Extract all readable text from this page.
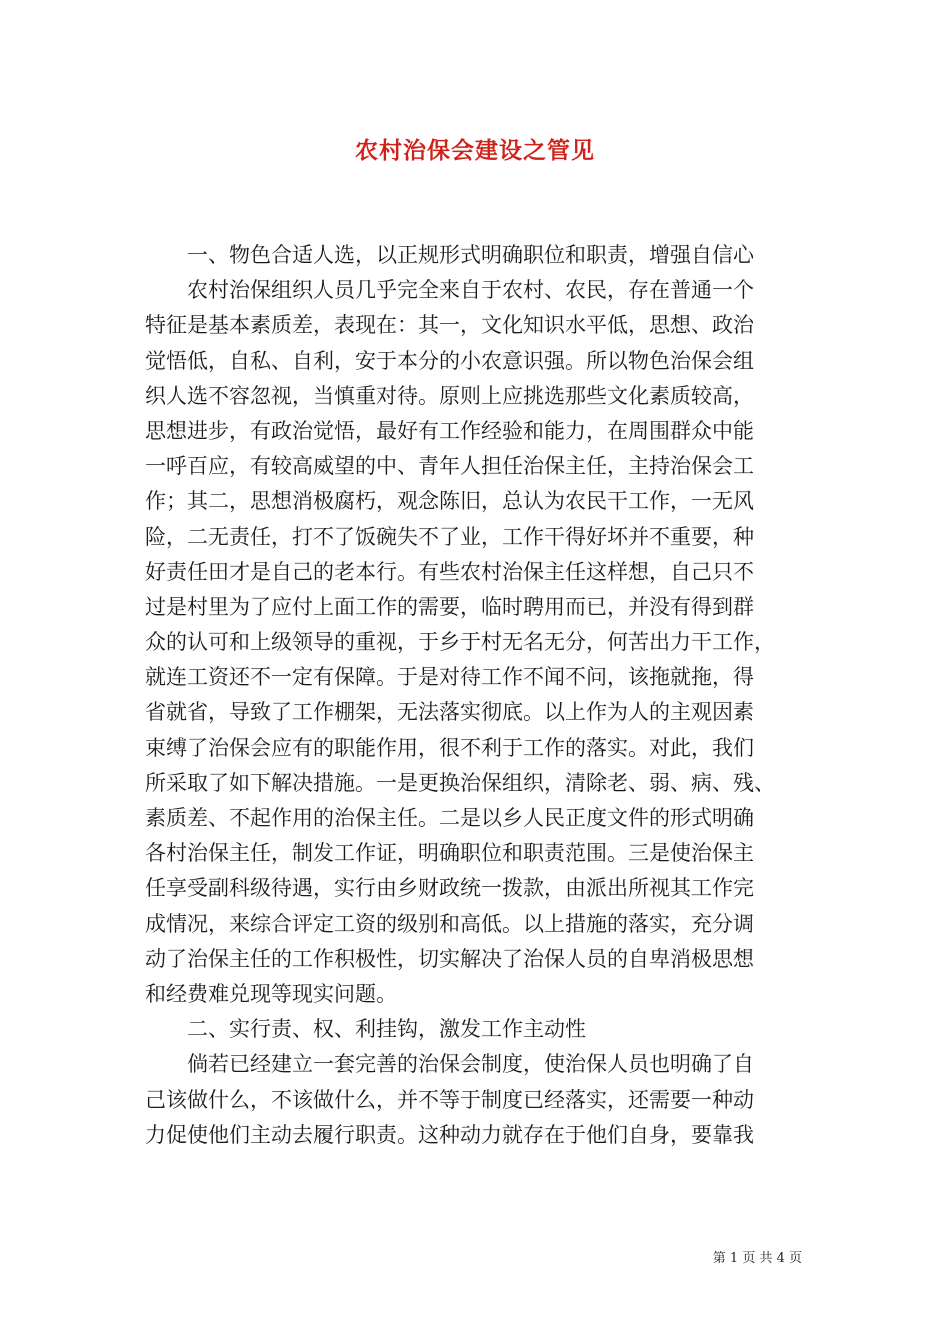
农村治保会建设之管见
　　一、物色合适人选，以正规形式明确职位和职责，增强自信心
　　农村治保组织人员几乎完全来自于农村、农民，存在普通一个
特征是基本素质差，表现在：其一，文化知识水平低，思想、政治
觉悟低，自私、自利，安于本分的小农意识强。所以物色治保会组
织人选不容忽视，当慎重对待。原则上应挑选那些文化素质较高，
思想进步，有政治觉悟，最好有工作经验和能力，在周围群众中能
一呼百应，有较高威望的中、青年人担任治保主任，主持治保会工
作；其二，思想消极腐朽，观念陈旧，总认为农民干工作，一无风
险，二无责任，打不了饭碗失不了业，工作干得好坏并不重要，种
好责任田才是自己的老本行。有些农村治保主任这样想，自己只不
过是村里为了应付上面工作的需要，临时聘用而已，并没有得到群
众的认可和上级领导的重视，于乡于村无名无分，何苦出力干工作，
就连工资还不一定有保障。于是对待工作不闻不问，该拖就拖，得
省就省，导致了工作棚架，无法落实彻底。以上作为人的主观因素
束缚了治保会应有的职能作用，很不利于工作的落实。对此，我们
所采取了如下解决措施。一是更换治保组织，清除老、弱、病、残、
素质差、不起作用的治保主任。二是以乡人民正度文件的形式明确
各村治保主任，制发工作证，明确职位和职责范围。三是使治保主
任享受副科级待遇，实行由乡财政统一拨款，由派出所视其工作完
成情况，来综合评定工资的级别和高低。以上措施的落实，充分调
动了治保主任的工作积极性，切实解决了治保人员的自卑消极思想
和经费难兑现等现实问题。
　　二、实行责、权、利挂钩，激发工作主动性
　　倘若已经建立一套完善的治保会制度，使治保人员也明确了自
己该做什么，不该做什么，并不等于制度已经落实，还需要一种动
力促使他们主动去履行职责。这种动力就存在于他们自身，要靠我
第 1 页 共 4 页
